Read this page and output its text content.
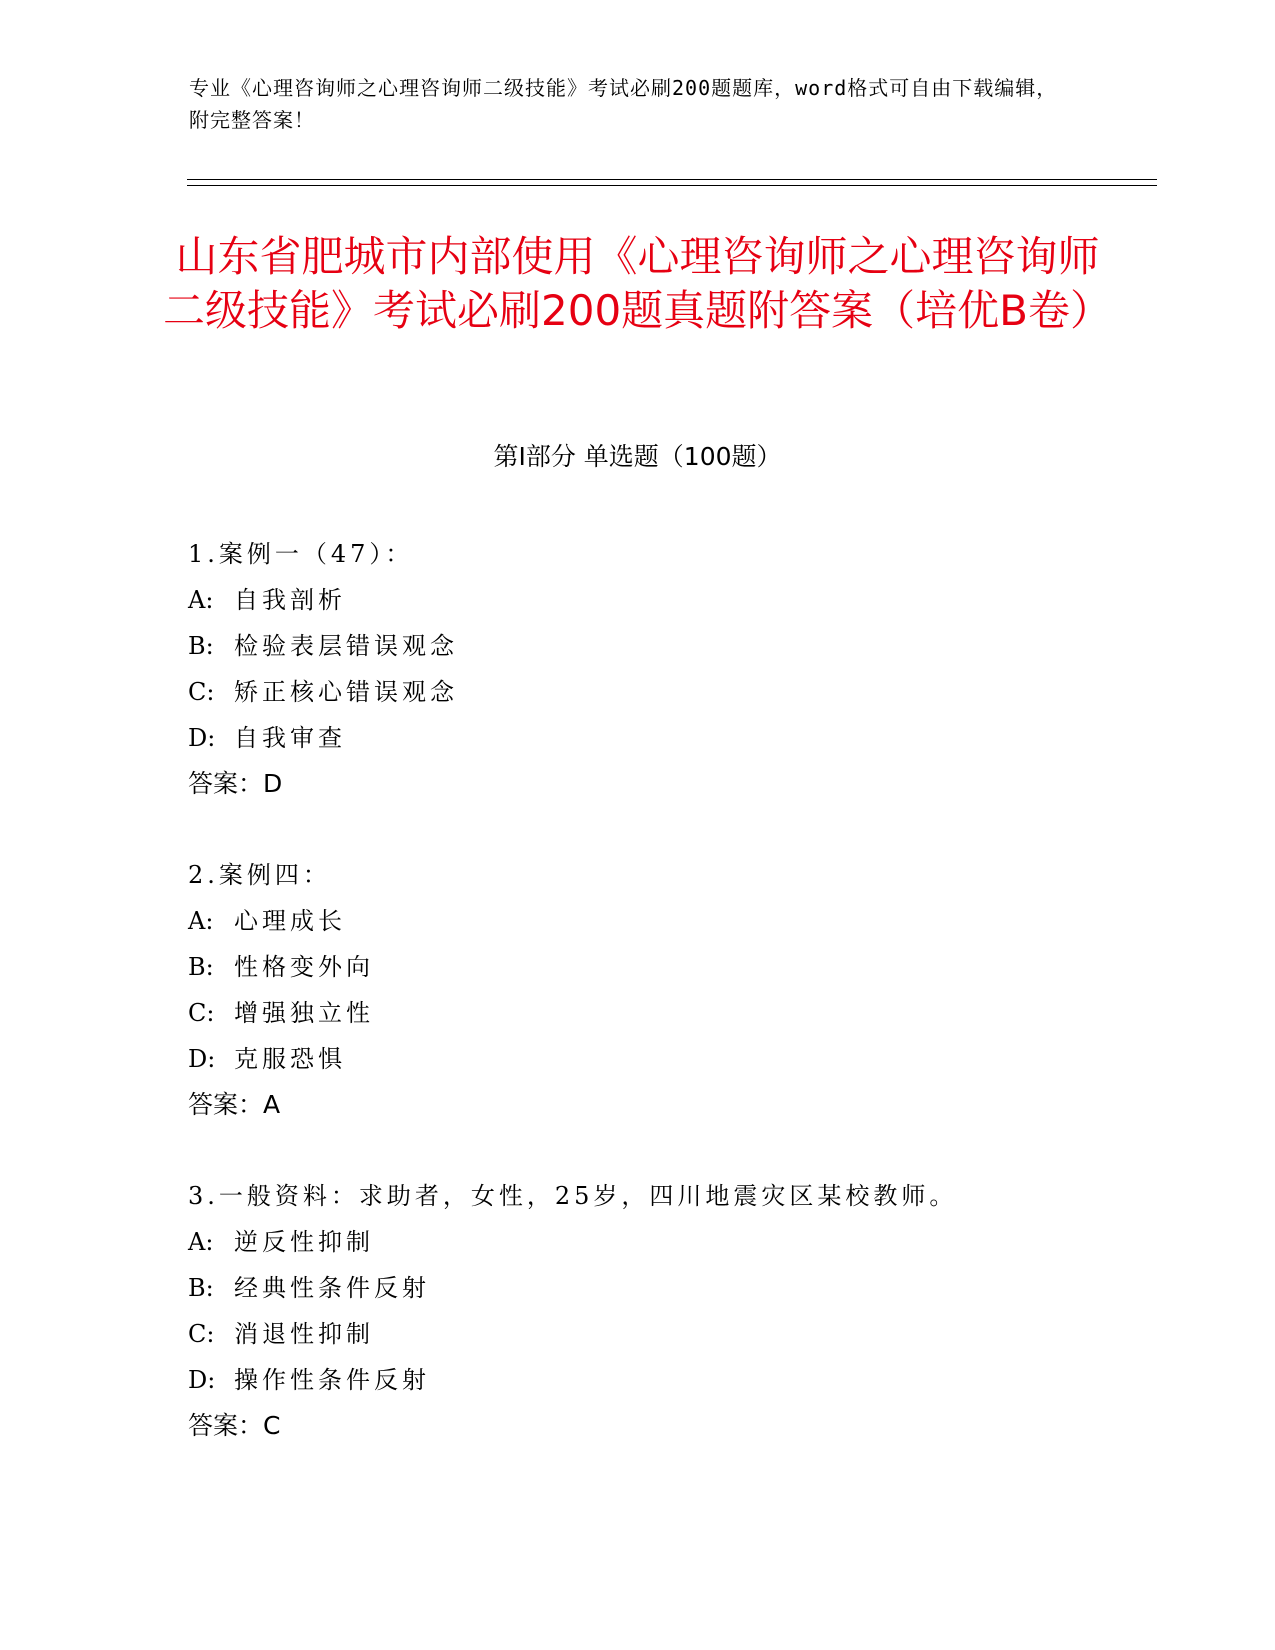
专业《心理咨询师之心理咨询师二级技能》考试必刷200题题库，word格式可自由下载编辑，附完整答案！
山东省肥城市内部使用《心理咨询师之心理咨询师二级技能》考试必刷200题真题附答案（培优B卷）
第Ⅰ部分 单选题（100题）
1.案例一（47）：
A: 自我剖析
B: 检验表层错误观念
C: 矫正核心错误观念
D: 自我审查
答案：D
2.案例四：
A: 心理成长
B: 性格变外向
C: 增强独立性
D: 克服恐惧
答案：A
3.一般资料：求助者，女性，25岁，四川地震灾区某校教师。
A: 逆反性抑制
B: 经典性条件反射
C: 消退性抑制
D: 操作性条件反射
答案：C
